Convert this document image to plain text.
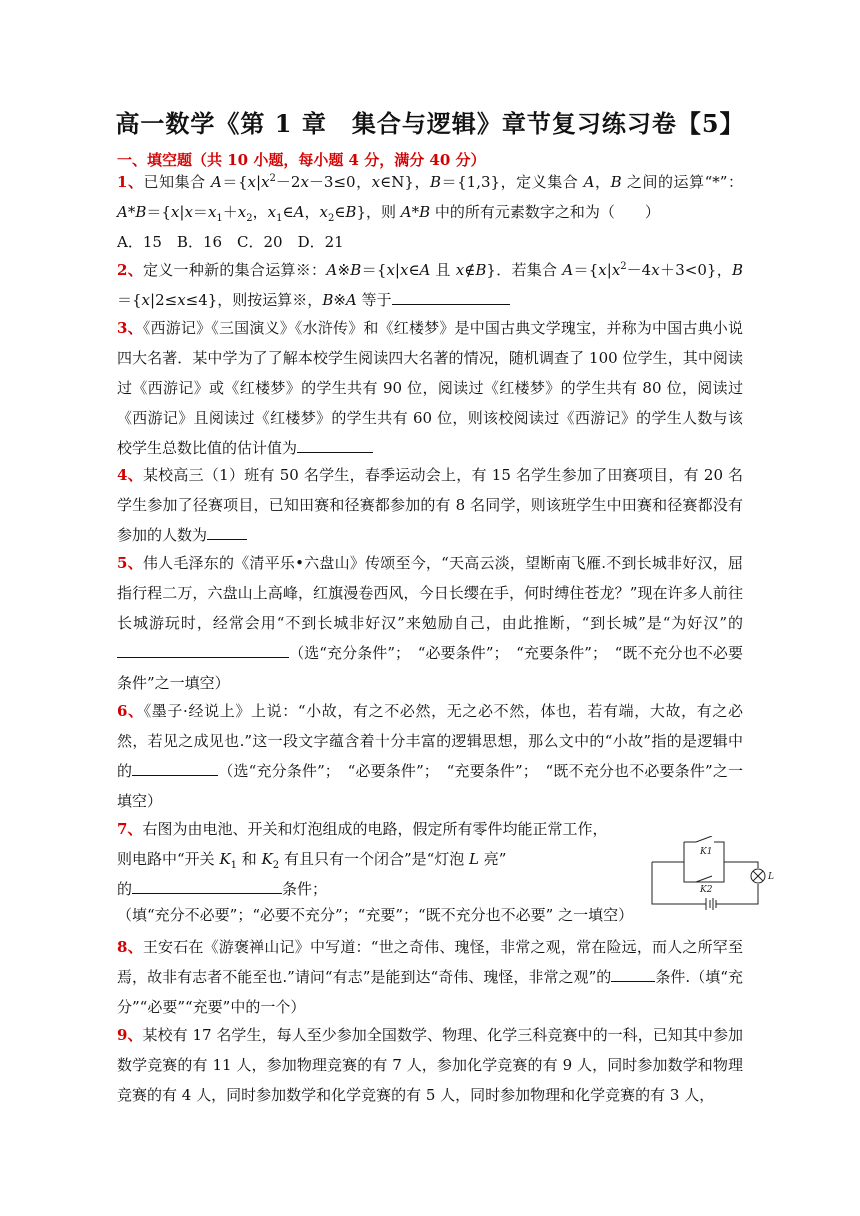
高一数学《第 1 章　集合与逻辑》章节复习练习卷【5】
一、填空题（共 10 小题，每小题 4 分，满分 40 分）
1、已知集合 $A=\{x|x^2-2x-3\le 0$，x∈N}，B＝{1,3}，定义集合 A，B 之间的运算“*”：$A*B=\{x|x=x_1+x_2$，$x_1\in A$，$x_2\in B$}，则 A*B 中的所有元素数字之和为（　　）
A．15　B．16　C．20　D．21
2、定义一种新的集合运算※：A※B＝{x|x∈A 且 x∉B}．若集合 $A=\{x|x^2-4x+3<0\}$，B＝{x|2≤x≤4}，则按运算※，B※A 等于
3、《西游记》《三国演义》《水浒传》和《红楼梦》是中国古典文学瑰宝，并称为中国古典小说四大名著．某中学为了了解本校学生阅读四大名著的情况，随机调查了 100 位学生，其中阅读过《西游记》或《红楼梦》的学生共有 90 位，阅读过《红楼梦》的学生共有 80 位，阅读过《西游记》且阅读过《红楼梦》的学生共有 60 位，则该校阅读过《西游记》的学生人数与该校学生总数比值的估计值为
4、某校高三（1）班有 50 名学生，春季运动会上，有 15 名学生参加了田赛项目，有 20 名学生参加了径赛项目，已知田赛和径赛都参加的有 8 名同学，则该班学生中田赛和径赛都没有参加的人数为
5、伟人毛泽东的《清平乐•六盘山》传颂至今，“天高云淡，望断南飞雁.不到长城非好汉，屈指行程二万，六盘山上高峰，红旗漫卷西风，今日长缨在手，何时缚住苍龙？”现在许多人前往长城游玩时，经常会用“不到长城非好汉”来勉励自己，由此推断，“到长城”是“为好汉”的（选“充分条件”；　“必要条件”；　“充要条件”；　“既不充分也不必要条件”之一填空）
6、《墨子·经说上》上说：“小故，有之不必然，无之必不然，体也，若有端，大故，有之必然，若见之成见也.”这一段文字蕴含着十分丰富的逻辑思想，那么文中的“小故”指的是逻辑中的	（选“充分条件”；　“必要条件”；　“充要条件”；　“既不充分也不必要条件”之一填空）
7、右图为由电池、开关和灯泡组成的电路，假定所有零件均能正常工作，
则电路中“开关 $K_1$ 和 $K_2$ 有且只有一个闭合”是“灯泡 L 亮”
的	条件；
（填“充分不必要”；“必要不充分”；“充要”；“既不充分也不必要” 之一填空）
K1
K2
L
8、王安石在《游褒禅山记》中写道：“世之奇伟、瑰怪，非常之观，常在险远，而人之所罕至焉，故非有志者不能至也.”请问“有志”是能到达“奇伟、瑰怪，非常之观”的	条件.（填“充分”“必要”“充要”中的一个）
9、某校有 17 名学生，每人至少参加全国数学、物理、化学三科竞赛中的一科，已知其中参加数学竞赛的有 11 人，参加物理竞赛的有 7 人，参加化学竞赛的有 9 人，同时参加数学和物理竞赛的有 4 人，同时参加数学和化学竞赛的有 5 人，同时参加物理和化学竞赛的有 3 人，
